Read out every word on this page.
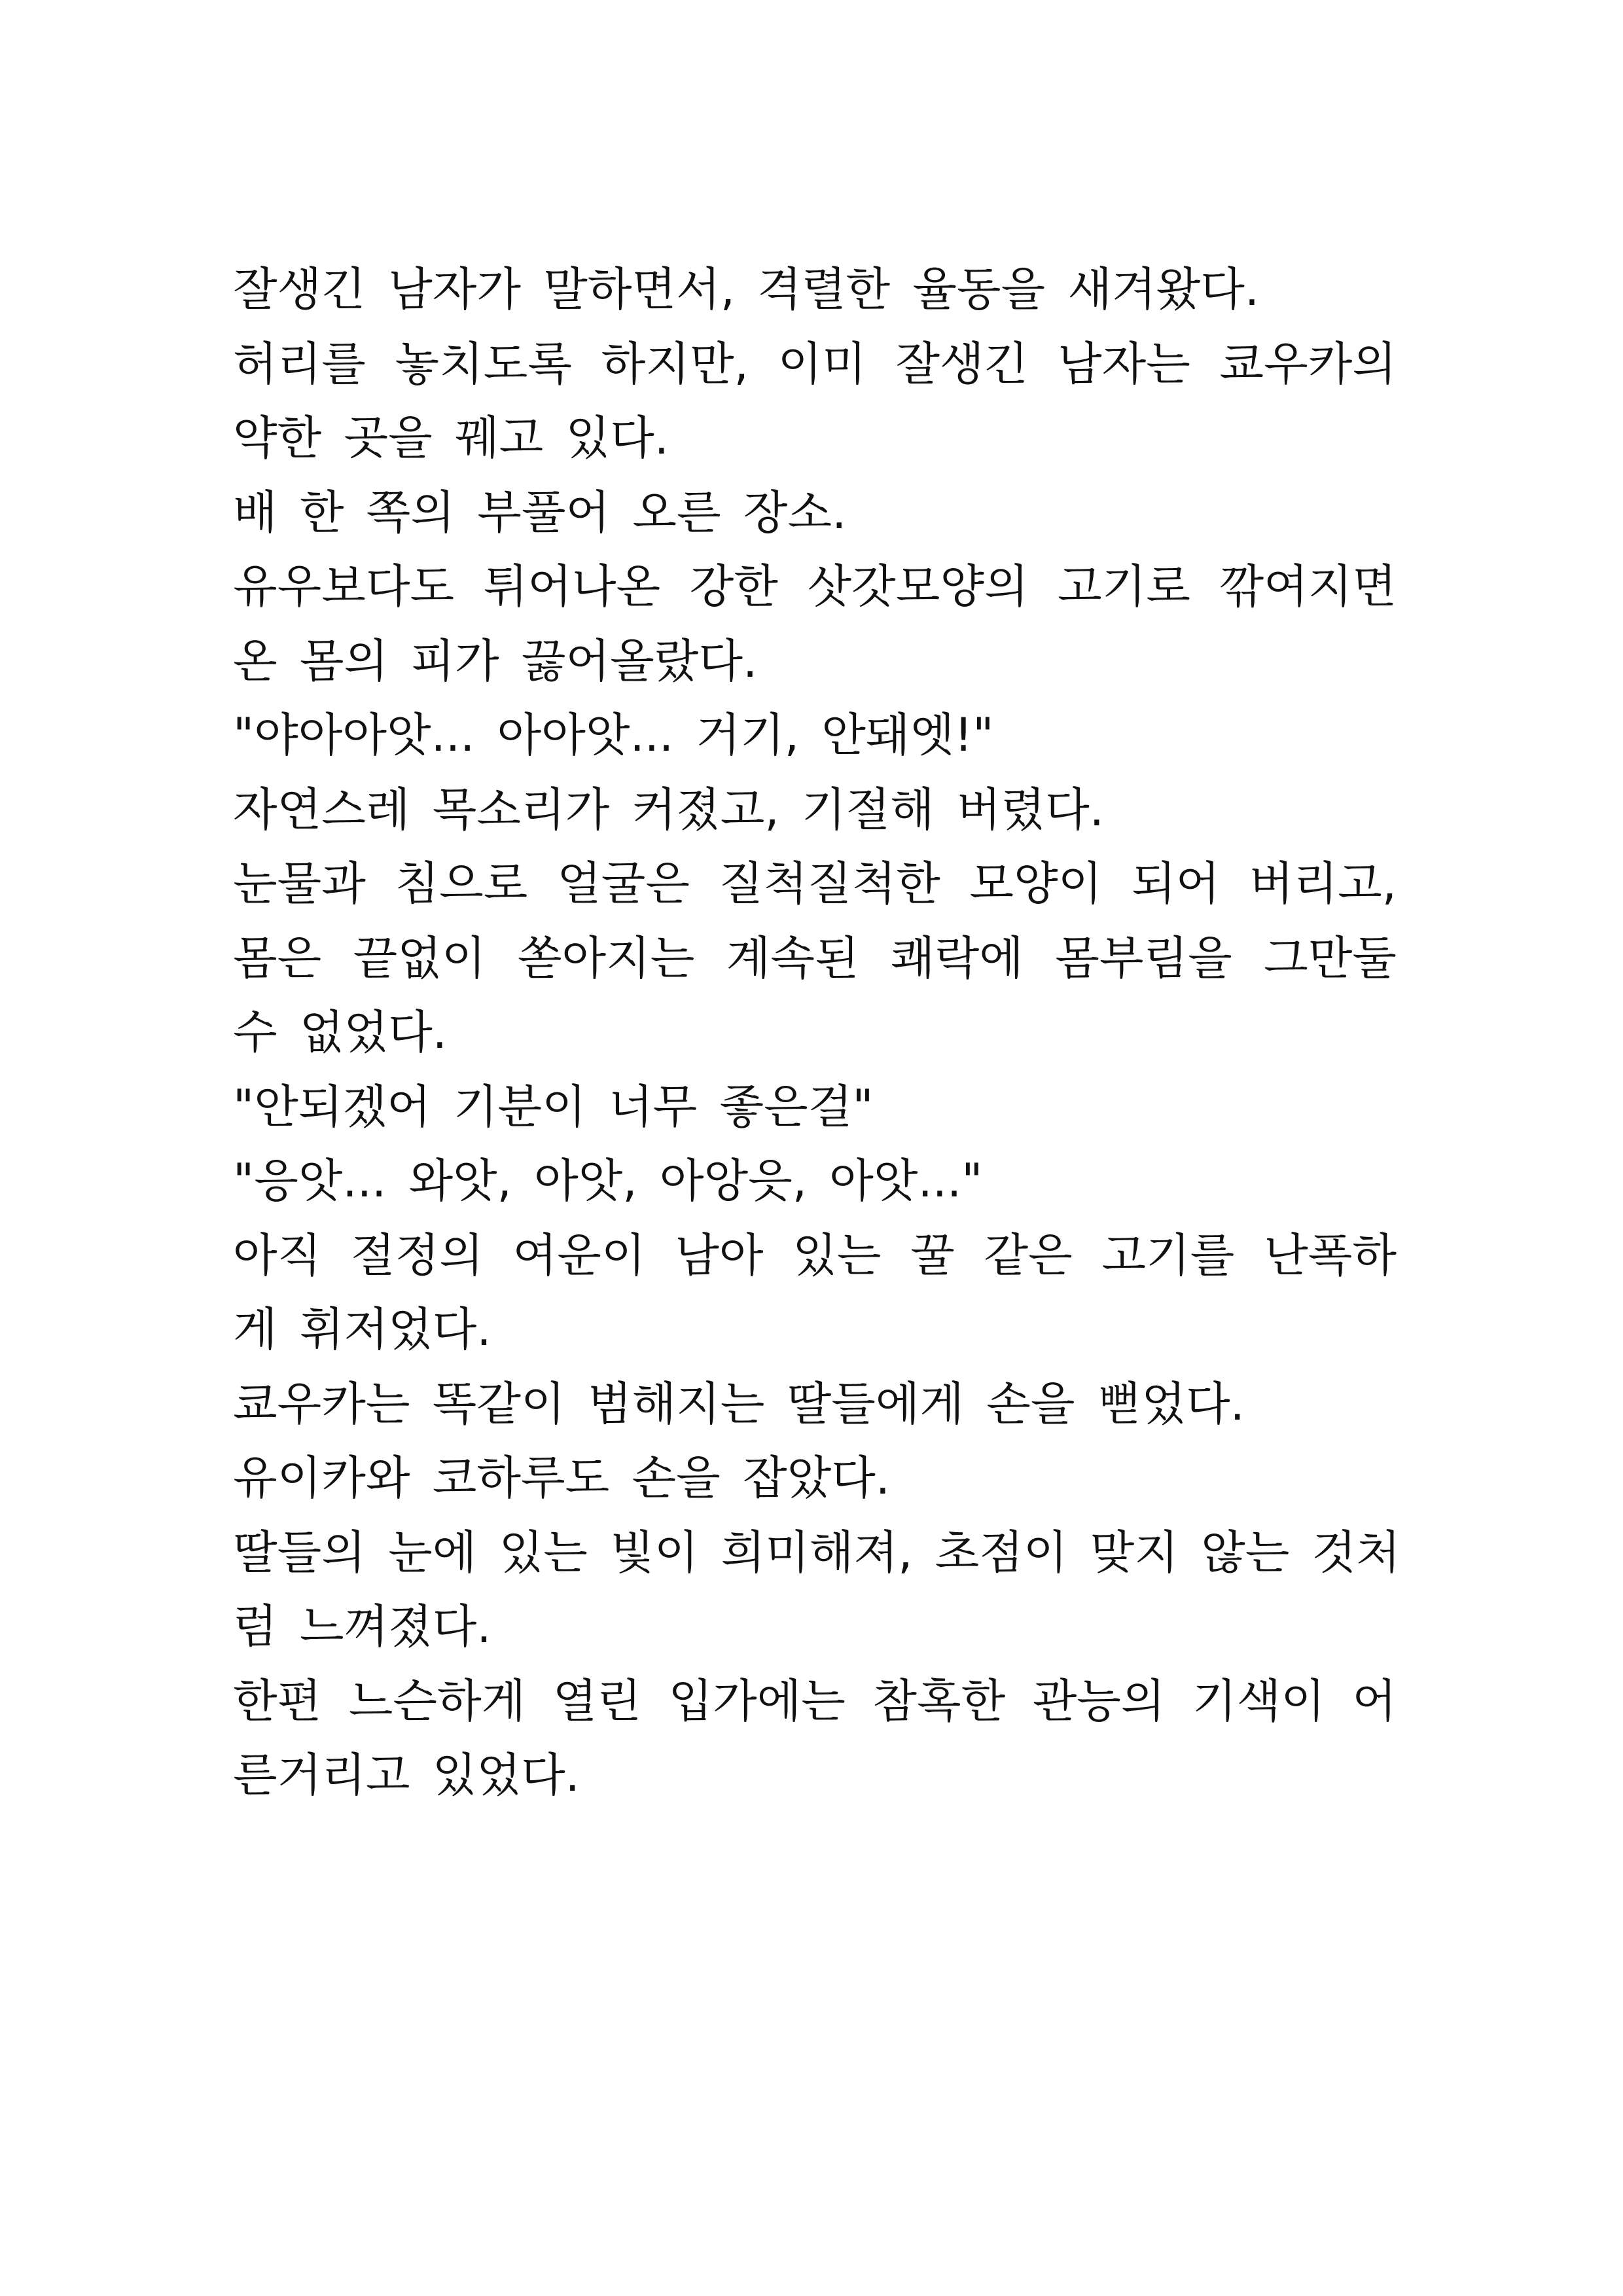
잘생긴 남자가 말하면서, 격렬한 율동을 새겨왔다.
허리를 놓치도록 하지만, 이미 잘생긴 남자는 쿄우카의
약한 곳을 꿰고 있다.
배 한 쪽의 부풀어 오른 장소.
유우보다도 튀어나온 강한 삿갓모양의 고기로 깎여지면
온 몸의 피가 끓어올랐다.
"야아아앗... 아아앗... 거기, 안돼엣!"
자연스레 목소리가 커졌고, 기절해 버렸다.
눈물과 침으로 얼굴은 질척질척한 모양이 되어 버리고,
몸은 끝없이 쏟아지는 계속된 쾌락에 몸부림을 그만둘
수 없었다.
"안되겠어 기분이 너무 좋은걸"
"응앗... 와앗, 아앗, 아앙읏, 아앗..."
아직 절정의 여운이 남아 있는 꿀 같은 고기를 난폭하
게 휘저었다.
쿄우카는 똑같이 범해지는 딸들에게 손을 뻗었다.
유이카와 코하루도 손을 잡았다.
딸들의 눈에 있는 빛이 희미해져, 초점이 맞지 않는 것처
럼 느껴졌다.
한편 느슨하게 열린 입가에는 참혹한 관능의 기색이 어
른거리고 있었다.
